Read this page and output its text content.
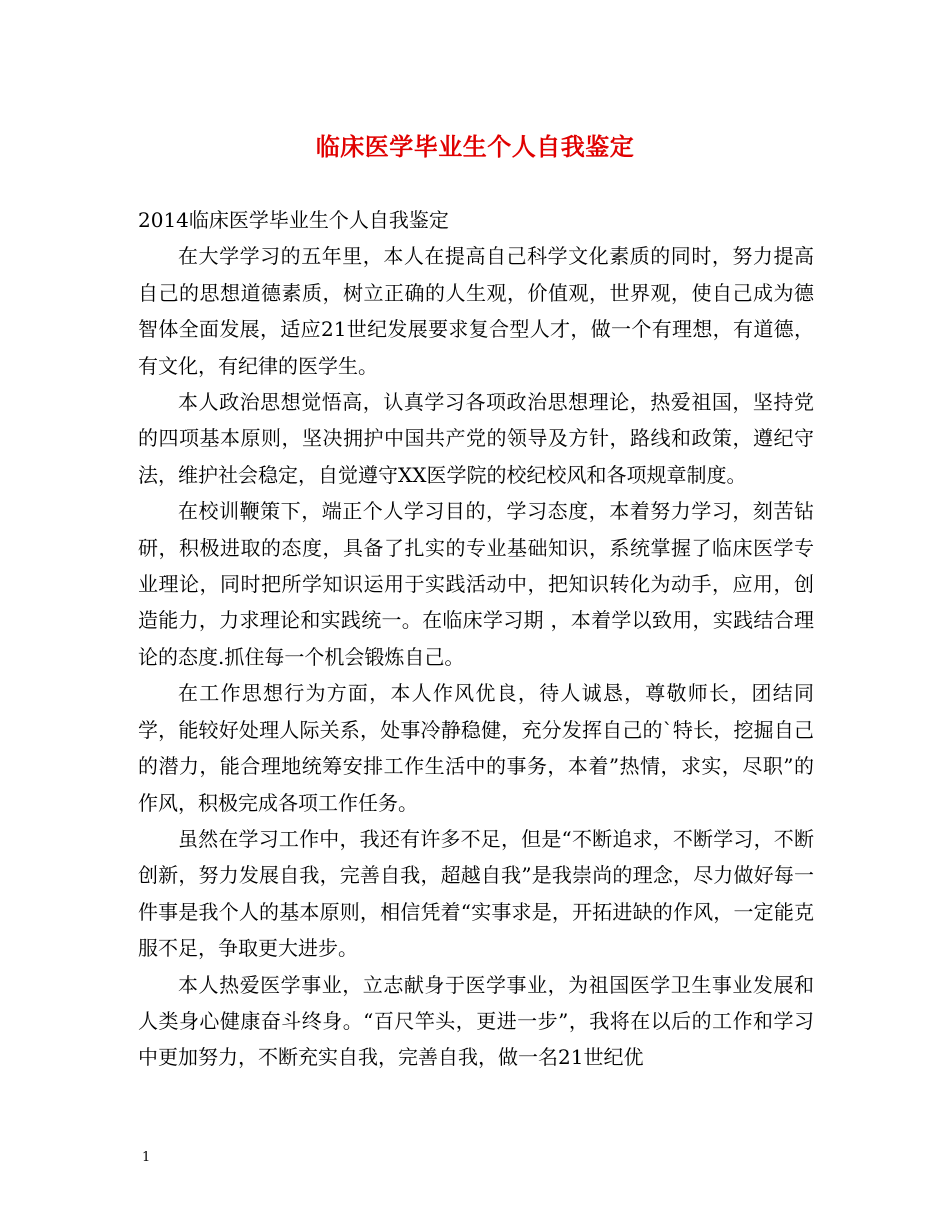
临床医学毕业生个人自我鉴定

2014临床医学毕业生个人自我鉴定

在大学学习的五年里，本人在提高自己科学文化素质的同时，努力提高自己的思想道德素质，树立正确的人生观，价值观，世界观，使自己成为德智体全面发展，适应21世纪发展要求复合型人才，做一个有理想，有道德，有文化，有纪律的医学生。

本人政治思想觉悟高，认真学习各项政治思想理论，热爱祖国，坚持党的四项基本原则，坚决拥护中国共产党的领导及方针，路线和政策，遵纪守法，维护社会稳定，自觉遵守XX医学院的校纪校风和各项规章制度。

在校训鞭策下，端正个人学习目的，学习态度，本着努力学习，刻苦钻研，积极进取的态度，具备了扎实的专业基础知识，系统掌握了临床医学专业理论，同时把所学知识运用于实践活动中，把知识转化为动手，应用，创造能力，力求理论和实践统一。在临床学习期 ，本着学以致用，实践结合理论的态度.抓住每一个机会锻炼自己。

在工作思想行为方面，本人作风优良，待人诚恳，尊敬师长，团结同学，能较好处理人际关系，处事冷静稳健，充分发挥自己的`特长，挖掘自己的潜力，能合理地统筹安排工作生活中的事务，本着”热情，求实，尽职”的作风，积极完成各项工作任务。

虽然在学习工作中，我还有许多不足，但是“不断追求，不断学习，不断创新，努力发展自我，完善自我，超越自我”是我崇尚的理念，尽力做好每一件事是我个人的基本原则，相信凭着“实事求是，开拓进缺的作风，一定能克服不足，争取更大进步。

本人热爱医学事业，立志献身于医学事业，为祖国医学卫生事业发展和人类身心健康奋斗终身。“百尺竿头，更进一步”，我将在以后的工作和学习中更加努力，不断充实自我，完善自我，做一名21世纪优

1
